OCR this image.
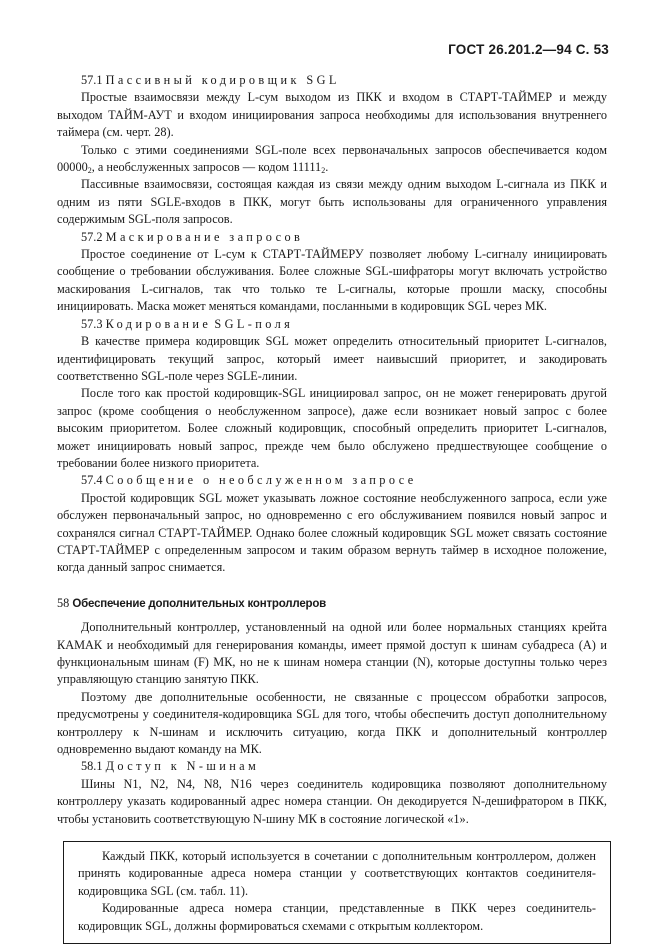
ГОСТ 26.201.2—94 С. 53

57.1 Пассивный кодировщик SGL

Простые взаимосвязи между L-сум выходом из ПКК и входом в СТАРТ-ТАЙМЕР и между выходом ТАЙМ-АУТ и входом инициирования запроса необходимы для использования внутреннего таймера (см. черт. 28).

Только с этими соединениями SGL-поле всех первоначальных запросов обеспечивается кодом $00000_2$, а необслуженных запросов — кодом $11111_2$.

Пассивные взаимосвязи, состоящая каждая из связи между одним выходом L-сигнала из ПКК и одним из пяти SGLE-входов в ПКК, могут быть использованы для ограниченного управления содержимым SGL-поля запросов.

57.2 Маскирование запросов

Простое соединение от L-сум к СТАРТ-ТАЙМЕРУ позволяет любому L-сигналу инициировать сообщение о требовании обслуживания. Более сложные SGL-шифраторы могут включать устройство маскирования L-сигналов, так что только те L-сигналы, которые прошли маску, способны инициировать. Маска может меняться командами, посланными в кодировщик SGL через МК.

57.3 Кодирование SGL-поля

В качестве примера кодировщик SGL может определить относительный приоритет L-сигналов, идентифицировать текущий запрос, который имеет наивысший приоритет, и закодировать соответственно SGL-поле через SGLE-линии.

После того как простой кодировщик-SGL инициировал запрос, он не может генерировать другой запрос (кроме сообщения о необслуженном запросе), даже если возникает новый запрос с более высоким приоритетом. Более сложный кодировщик, способный определить приоритет L-сигналов, может инициировать новый запрос, прежде чем было обслужено предшествующее сообщение о требовании более низкого приоритета.

57.4 Сообщение о необслуженном запросе

Простой кодировщик SGL может указывать ложное состояние необслуженного запроса, если уже обслужен первоначальный запрос, но одновременно с его обслуживанием появился новый запрос и сохранялся сигнал СТАРТ-ТАЙМЕР. Однако более сложный кодировщик SGL может связать состояние СТАРТ-ТАЙМЕР с определенным запросом и таким образом вернуть таймер в исходное положение, когда данный запрос снимается.

58 Обеспечение дополнительных контроллеров

Дополнительный контроллер, установленный на одной или более нормальных станциях крейта КАМАК и необходимый для генерирования команды, имеет прямой доступ к шинам субадреса (А) и функциональным шинам (F) МК, но не к шинам номера станции (N), которые доступны только через управляющую станцию занятую ПКК.

Поэтому две дополнительные особенности, не связанные с процессом обработки запросов, предусмотрены у соединителя-кодировщика SGL для того, чтобы обеспечить доступ дополнительному контроллеру к N-шинам и исключить ситуацию, когда ПКК и дополнительный контроллер одновременно выдают команду на МК.

58.1 Доступ к N-шинам

Шины N1, N2, N4, N8, N16 через соединитель кодировщика позволяют дополнительному контроллеру указать кодированный адрес номера станции. Он декодируется N-дешифратором в ПКК, чтобы установить соответствующую N-шину МК в состояние логической «1».

Каждый ПКК, который используется в сочетании с дополнительным контроллером, должен принять кодированные адреса номера станции у соответствующих контактов соединителя-кодировщика SGL (см. табл. 11).

Кодированные адреса номера станции, представленные в ПКК через соединитель-кодировщик SGL, должны формироваться схемами с открытым коллектором.
